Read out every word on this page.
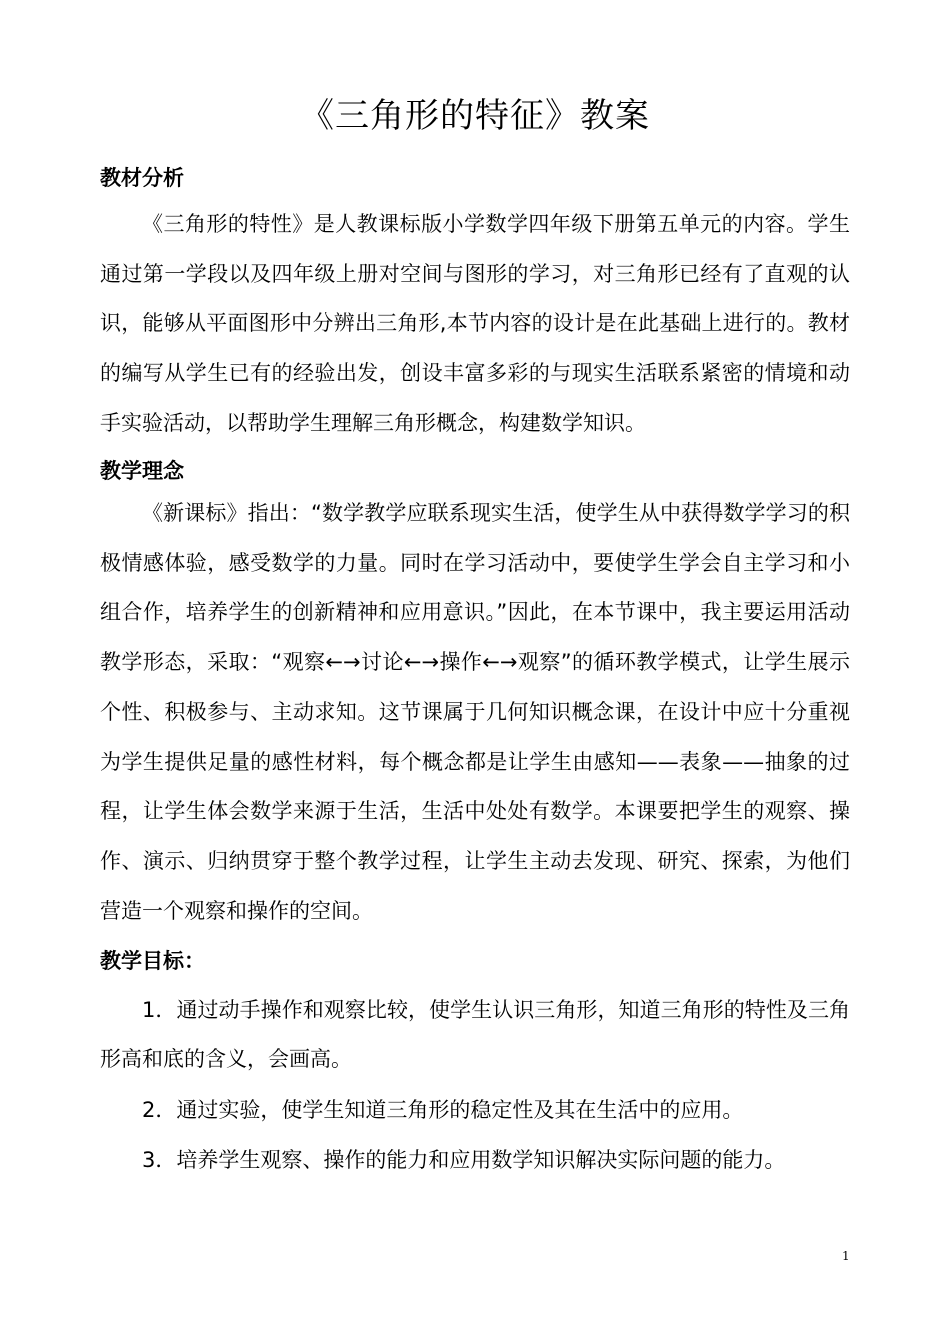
《三角形的特征》教案
教材分析

《三角形的特性》是人教课标版小学数学四年级下册第五单元的内容。学生通过第一学段以及四年级上册对空间与图形的学习，对三角形已经有了直观的认识，能够从平面图形中分辨出三角形,本节内容的设计是在此基础上进行的。教材的编写从学生已有的经验出发，创设丰富多彩的与现实生活联系紧密的情境和动手实验活动，以帮助学生理解三角形概念，构建数学知识。

教学理念

《新课标》指出：“数学教学应联系现实生活，使学生从中获得数学学习的积极情感体验，感受数学的力量。同时在学习活动中，要使学生学会自主学习和小组合作，培养学生的创新精神和应用意识。”因此，在本节课中，我主要运用活动教学形态，采取：“观察←→讨论←→操作←→观察”的循环教学模式，让学生展示个性、积极参与、主动求知。这节课属于几何知识概念课，在设计中应十分重视为学生提供足量的感性材料，每个概念都是让学生由感知——表象——抽象的过程，让学生体会数学来源于生活，生活中处处有数学。本课要把学生的观察、操作、演示、归纳贯穿于整个教学过程，让学生主动去发现、研究、探索，为他们营造一个观察和操作的空间。

教学目标：
1．通过动手操作和观察比较，使学生认识三角形，知道三角形的特性及三角形高和底的含义，会画高。
2．通过实验，使学生知道三角形的稳定性及其在生活中的应用。
3．培养学生观察、操作的能力和应用数学知识解决实际问题的能力。
1
